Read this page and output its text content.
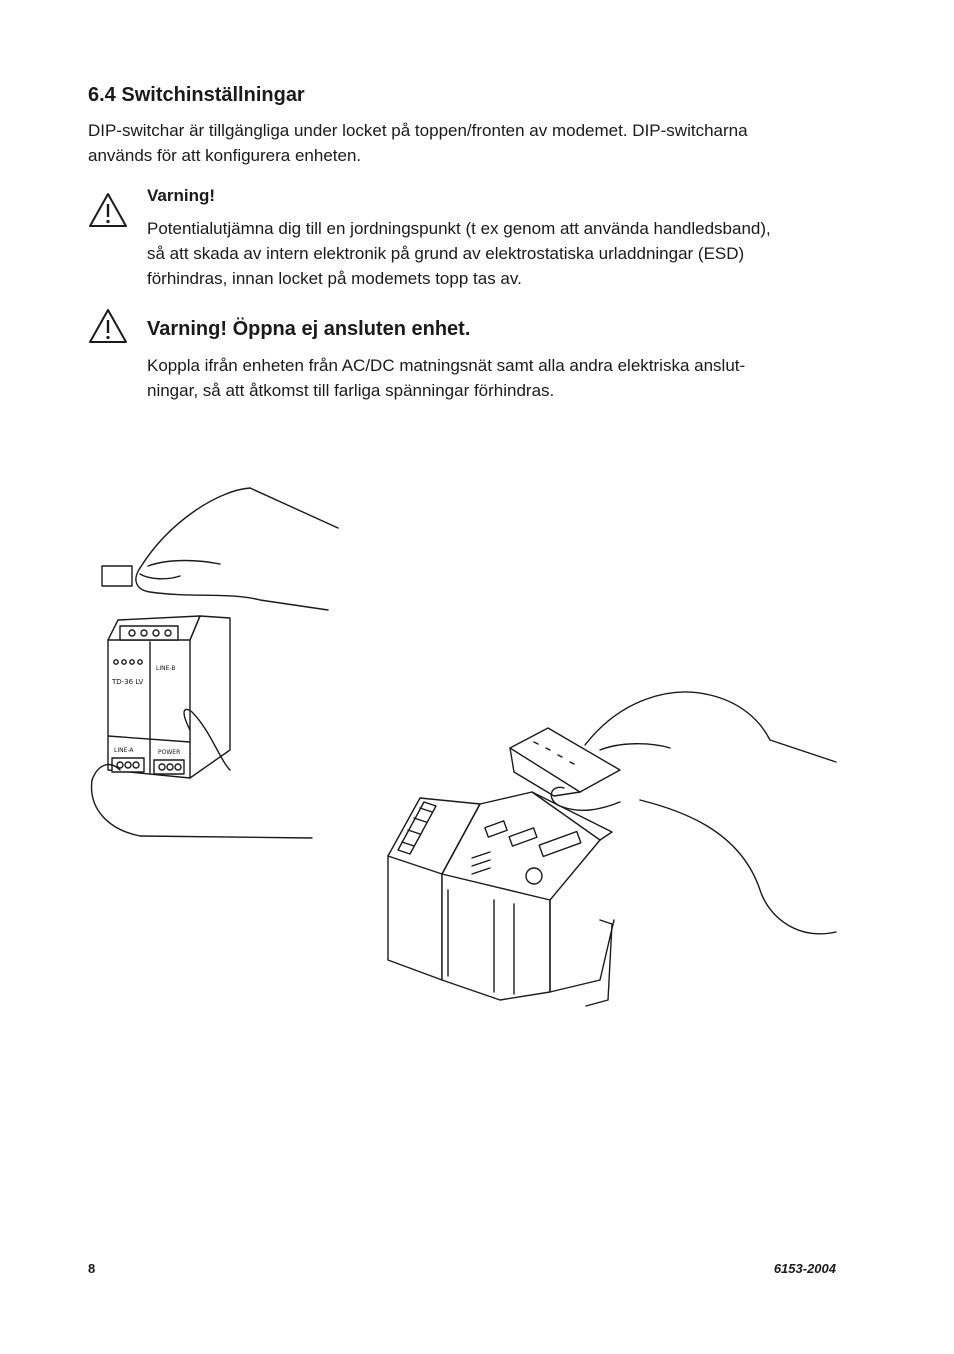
6.4 Switchinställningar

DIP-switchar är tillgängliga under locket på toppen/fronten av modemet. DIP-switcharna
används för att konfigurera enheten.

Varning!

Potentialutjämna dig till en jordningspunkt (t ex genom att använda handledsband),
så att skada av intern elektronik på grund av elektrostatiska urladdningar (ESD)
förhindras, innan locket på modemets topp tas av.

Varning! Öppna ej ansluten enhet.

Koppla ifrån enheten från AC/DC matningsnät samt alla andra elektriska anslut-
ningar, så att åtkomst till farliga spänningar förhindras.

TD-36 LV
LINE-B
LINE-A	POWER
8	6153-2004
